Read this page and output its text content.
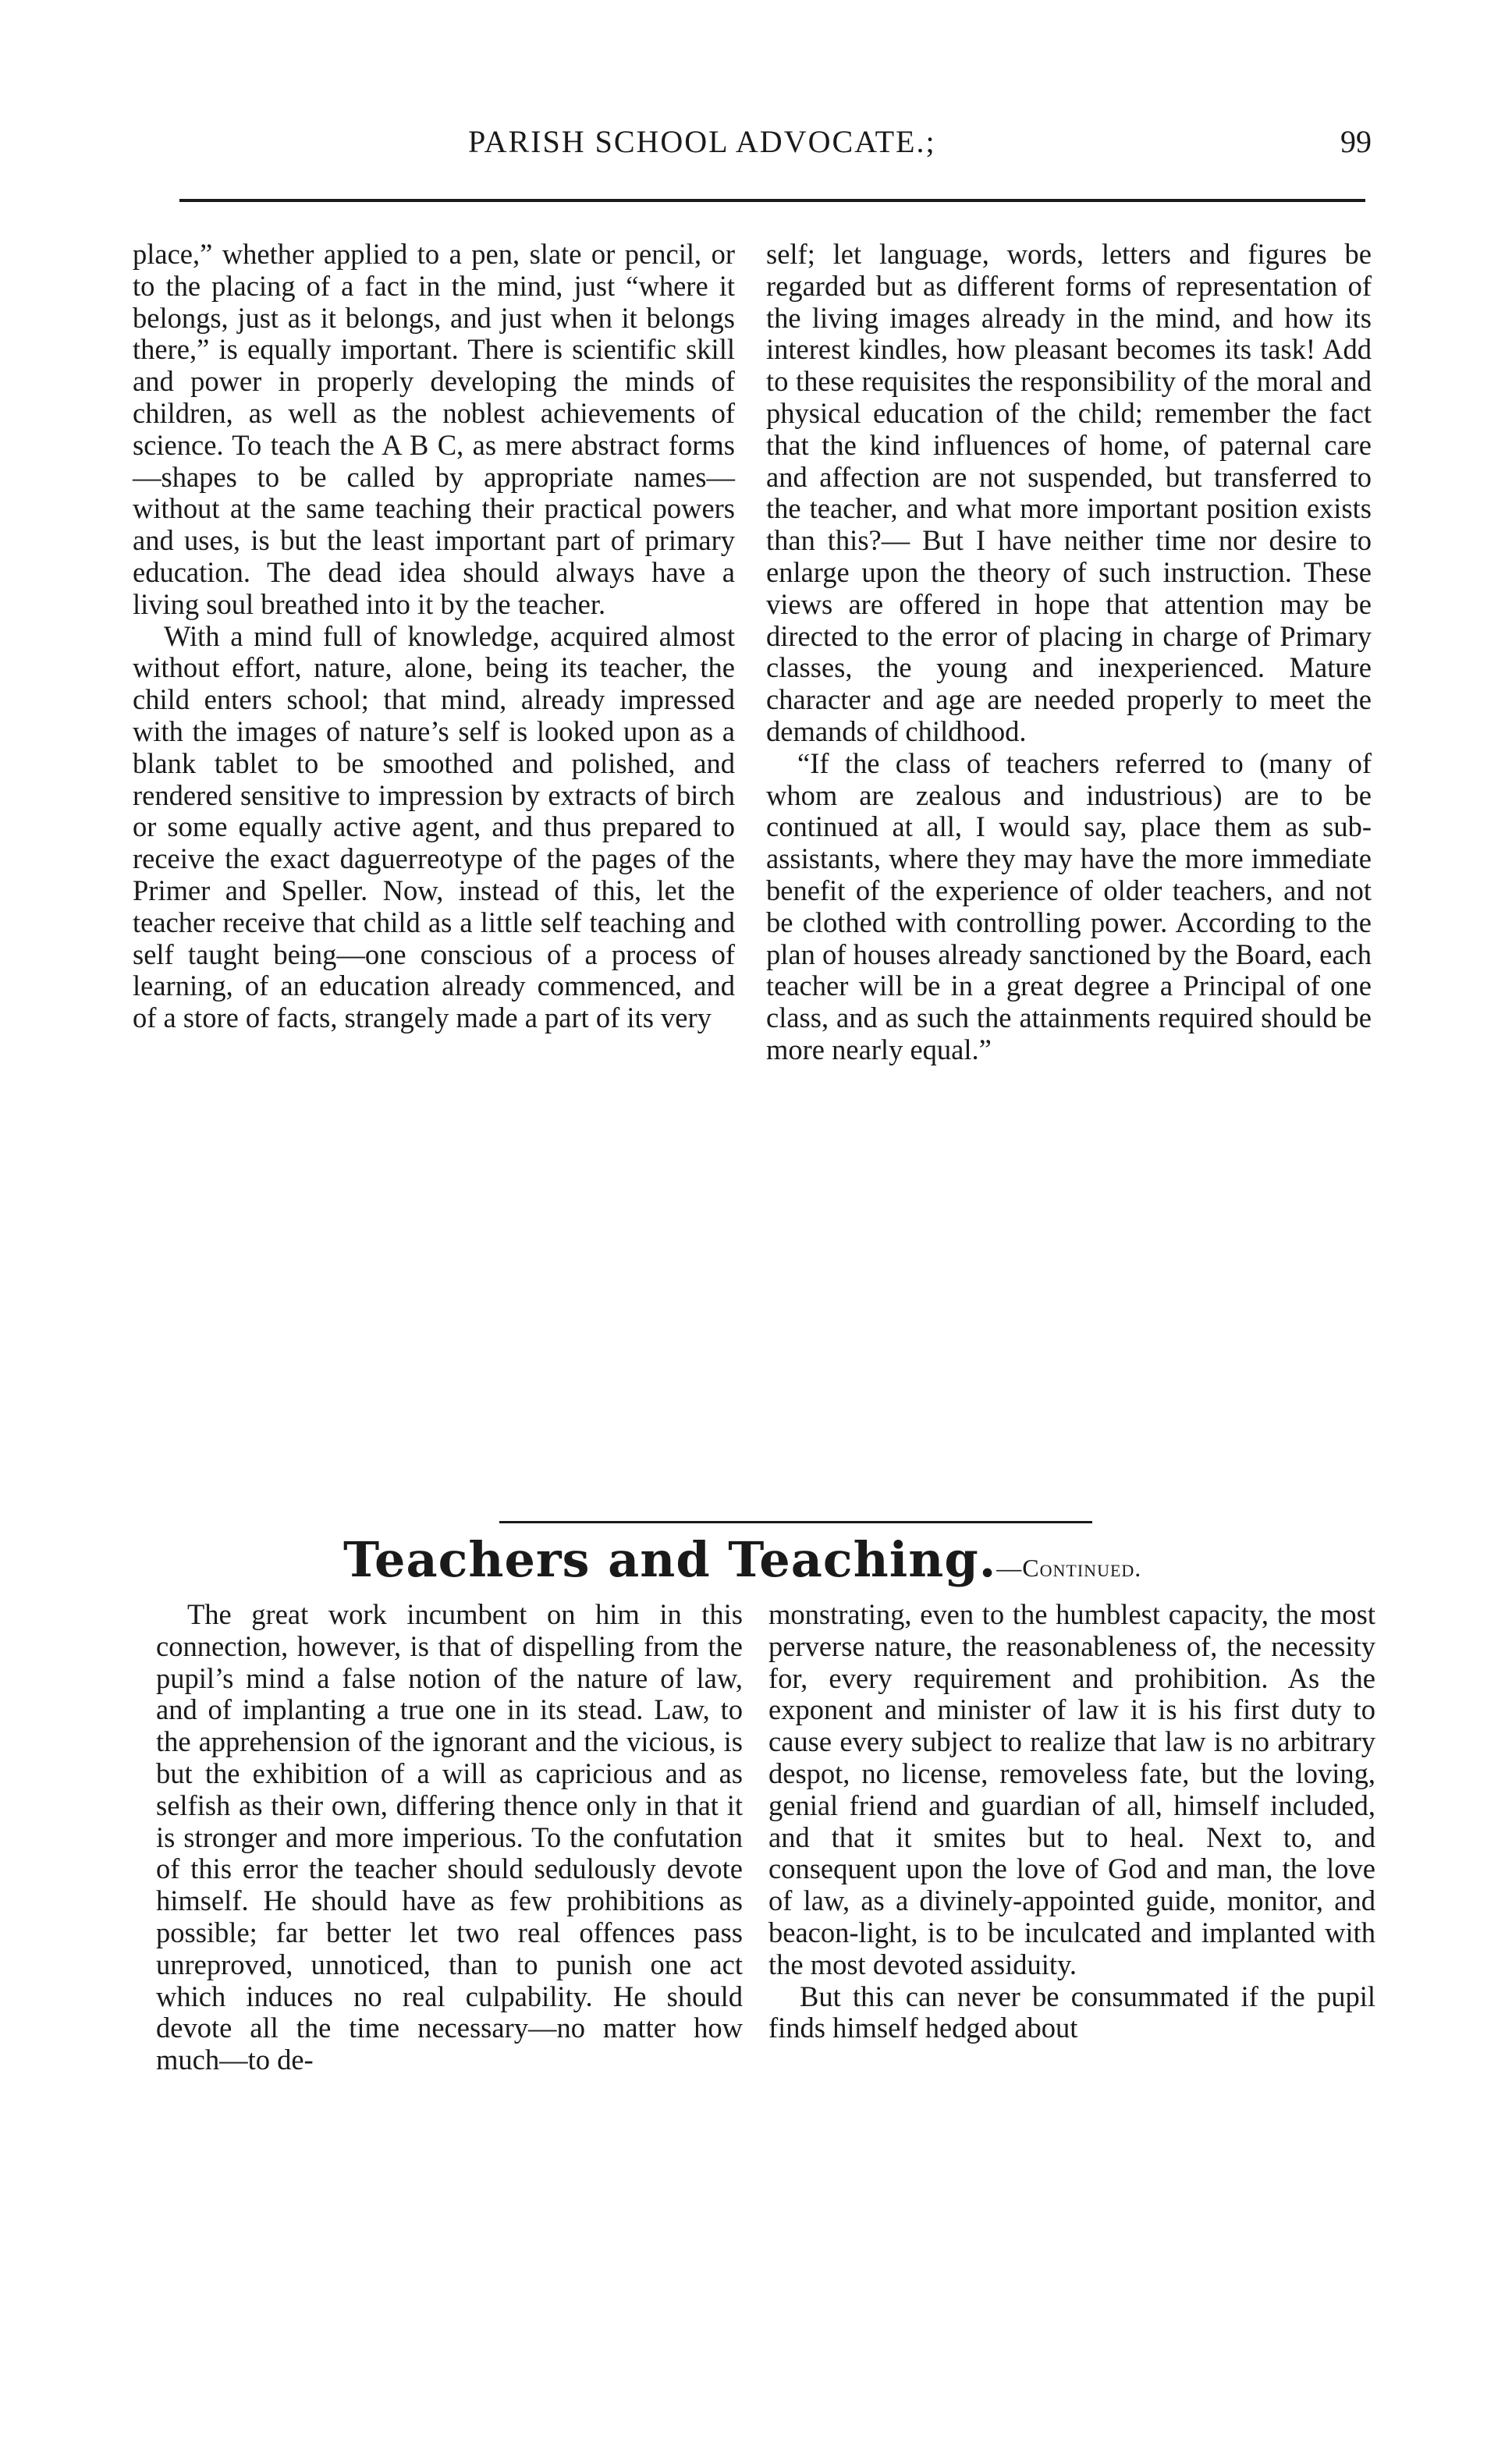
PARISH SCHOOL ADVOCATE.;	99

place,” whether applied to a pen, slate or pencil, or to the placing of a fact in the mind, just “where it belongs, just as it belongs, and just when it belongs there,” is equally important. There is scientific skill and power in properly developing the minds of children, as well as the noblest achievements of science. To teach the A B C, as mere abstract forms—shapes to be called by appropriate names—without at the same teaching their practical powers and uses, is but the least important part of primary education. The dead idea should always have a living soul breathed into it by the teacher.

With a mind full of knowledge, acquired almost without effort, nature, alone, being its teacher, the child enters school; that mind, already impressed with the images of nature’s self is looked upon as a blank tablet to be smoothed and polished, and rendered sensitive to impression by extracts of birch or some equally active agent, and thus prepared to receive the exact daguerreotype of the pages of the Primer and Speller. Now, instead of this, let the teacher receive that child as a little self teaching and self taught being—one conscious of a process of learning, of an education already commenced, and of a store of facts, strangely made a part of its very

self; let language, words, letters and figures be regarded but as different forms of representation of the living images already in the mind, and how its interest kindles, how pleasant becomes its task! Add to these requisites the responsibility of the moral and physical education of the child; remember the fact that the kind influences of home, of paternal care and affection are not suspended, but transferred to the teacher, and what more important position exists than this?— But I have neither time nor desire to enlarge upon the theory of such instruction. These views are offered in hope that attention may be directed to the error of placing in charge of Primary classes, the young and inexperienced. Mature character and age are needed properly to meet the demands of childhood.

“If the class of teachers referred to (many of whom are zealous and industrious) are to be continued at all, I would say, place them as sub-assistants, where they may have the more immediate benefit of the experience of older teachers, and not be clothed with controlling power. According to the plan of houses already sanctioned by the Board, each teacher will be in a great degree a Principal of one class, and as such the attainments required should be more nearly equal.”

Teachers and Teaching.—Continued.

The great work incumbent on him in this connection, however, is that of dispelling from the pupil’s mind a false notion of the nature of law, and of implanting a true one in its stead. Law, to the apprehension of the ignorant and the vicious, is but the exhibition of a will as capricious and as selfish as their own, differing thence only in that it is stronger and more imperious. To the confutation of this error the teacher should sedulously devote himself. He should have as few prohibitions as possible; far better let two real offences pass unreproved, unnoticed, than to punish one act which induces no real culpability. He should devote all the time necessary—no matter how much—to de-

monstrating, even to the humblest capacity, the most perverse nature, the reasonableness of, the necessity for, every requirement and prohibition. As the exponent and minister of law it is his first duty to cause every subject to realize that law is no arbitrary despot, no license, removeless fate, but the loving, genial friend and guardian of all, himself included, and that it smites but to heal. Next to, and consequent upon the love of God and man, the love of law, as a divinely-appointed guide, monitor, and beacon-light, is to be inculcated and implanted with the most devoted assiduity.

But this can never be consummated if the pupil finds himself hedged about
